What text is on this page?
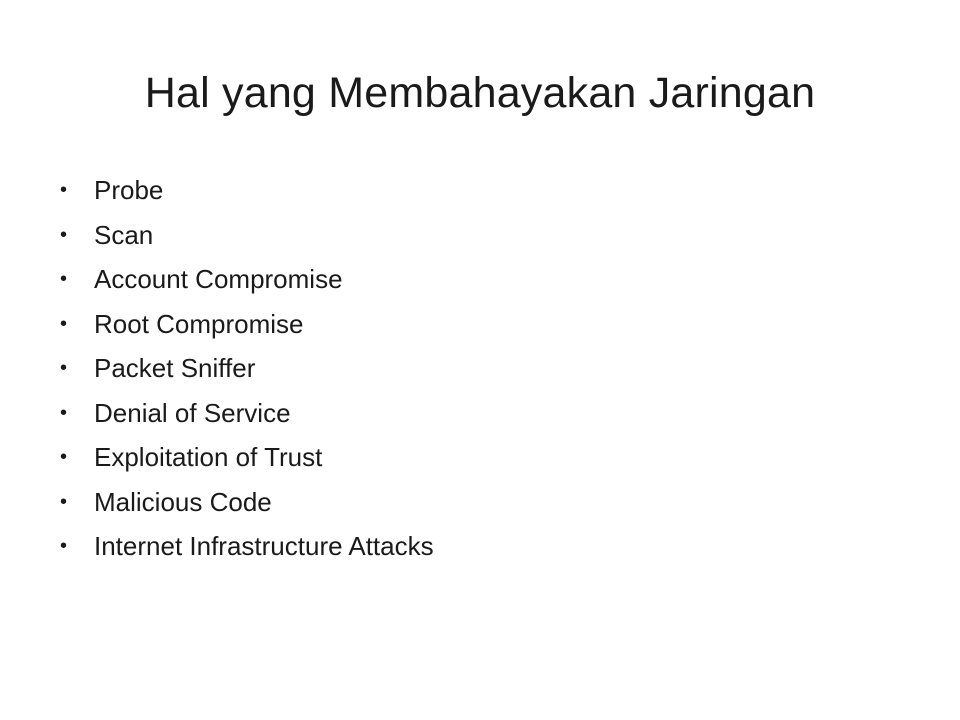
Hal yang Membahayakan Jaringan
• Probe
• Scan
• Account Compromise
• Root Compromise
• Packet Sniffer
• Denial of Service
• Exploitation of Trust
• Malicious Code
• Internet Infrastructure Attacks
